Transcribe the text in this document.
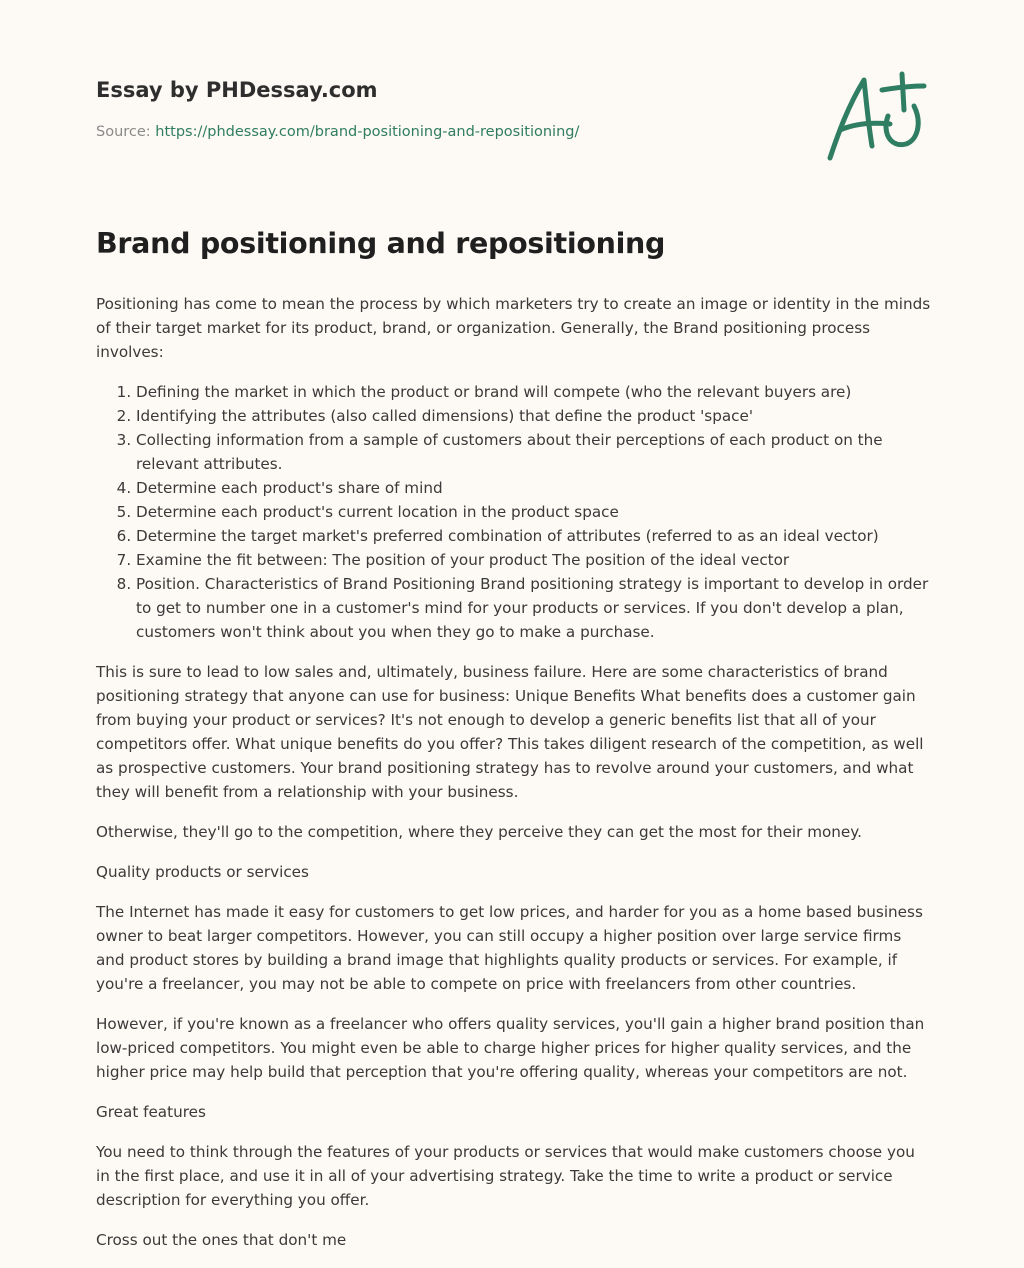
Essay by PHDessay.com
Source: https://phdessay.com/brand-positioning-and-repositioning/
Brand positioning and repositioning

Positioning has come to mean the process by which marketers try to create an image or identity in the minds of their target market for its product, brand, or organization. Generally, the Brand positioning process involves:

1. Defining the market in which the product or brand will compete (who the relevant buyers are)
2. Identifying the attributes (also called dimensions) that define the product 'space'
3. Collecting information from a sample of customers about their perceptions of each product on the relevant attributes.
4. Determine each product's share of mind
5. Determine each product's current location in the product space
6. Determine the target market's preferred combination of attributes (referred to as an ideal vector)
7. Examine the fit between: The position of your product The position of the ideal vector
8. Position. Characteristics of Brand Positioning Brand positioning strategy is important to develop in order to get to number one in a customer's mind for your products or services. If you don't develop a plan, customers won't think about you when they go to make a purchase.

This is sure to lead to low sales and, ultimately, business failure. Here are some characteristics of brand positioning strategy that anyone can use for business: Unique Benefits What benefits does a customer gain from buying your product or services? It's not enough to develop a generic benefits list that all of your competitors offer. What unique benefits do you offer? This takes diligent research of the competition, as well as prospective customers. Your brand positioning strategy has to revolve around your customers, and what they will benefit from a relationship with your business.

Otherwise, they'll go to the competition, where they perceive they can get the most for their money.

Quality products or services

The Internet has made it easy for customers to get low prices, and harder for you as a home based business owner to beat larger competitors. However, you can still occupy a higher position over large service firms and product stores by building a brand image that highlights quality products or services. For example, if you're a freelancer, you may not be able to compete on price with freelancers from other countries.

However, if you're known as a freelancer who offers quality services, you'll gain a higher brand position than low-priced competitors. You might even be able to charge higher prices for higher quality services, and the higher price may help build that perception that you're offering quality, whereas your competitors are not.

Great features

You need to think through the features of your products or services that would make customers choose you in the first place, and use it in all of your advertising strategy. Take the time to write a product or service description for everything you offer.

Cross out the ones that don't me
